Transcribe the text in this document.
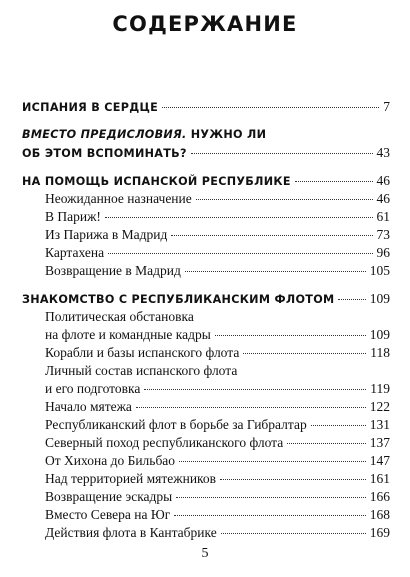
СОДЕРЖАНИЕ
ИСПАНИЯ В СЕРДЦЕ	7
ВМЕСТО ПРЕДИСЛОВИЯ. НУЖНО ЛИ
ОБ ЭТОМ ВСПОМИНАТЬ?	43
НА ПОМОЩЬ ИСПАНСКОЙ РЕСПУБЛИКЕ	46
Неожиданное назначение	46
В Париж!	61
Из Парижа в Мадрид	73
Картахена	96
Возвращение в Мадрид	105
ЗНАКОМСТВО С РЕСПУБЛИКАНСКИМ ФЛОТОМ	109
Политическая обстановка
на флоте и командные кадры	109
Корабли и базы испанского флота	118
Личный состав испанского флота
и его подготовка	119
Начало мятежа	122
Республиканский флот в борьбе за Гибралтар	131
Северный поход республиканского флота	137
От Хихона до Бильбао	147
Над территорией мятежников	161
Возвращение эскадры	166
Вместо Севера на Юг	168
Действия флота в Кантабрике	169
5
